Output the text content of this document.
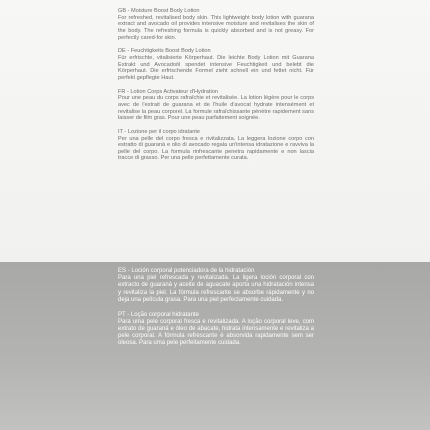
GB - Moisture Boost Body Lotion

For refreshed, revitalised body skin. This lightweight body lotion with guarana extract and avocado oil provides intensive moisture and revitalises the skin of the body. The refreshing formula is quickly absorbed and is not greasy. For perfectly cared-for skin.

DE - Feuchtigkeits Boost Body Lotion

Für erfrischte, vitalisierte Körperhaut. Die leichte Body Lotion mit Guarana Extrakt und Avocadoöl spendet intensive Feuchtigkeit und belebt die Körperhaut. Die erfrischende Formel zieht schnell ein und fettet nicht. Für perfekt gepflegte Haut.

FR - Lotion Corps Activateur d'Hydration

Pour une peau du corps rafraîchie et revitalisée. La lotion légère pour le corps avec de l'extrait de guarana et de l'huile d'avocat hydrate intensément et revitalise la peau corporel. La formule rafraîchissante pénètre rapidement sans laisser de film gras. Pour une peau parfaitement soignée.

IT - Lozione per il corpo idratante

Per una pelle del corpo fresca e rivitalizzata. La leggera lozione corpo con estratto di guaranà e olio di avocado regala un'intensa idratazione e ravviva la pelle del corpo. La formula rinfrescante penetra rapidamente e non lascia tracce di grasso. Per una pelle perfettamente curata.

ES - Loción corporal potenciadora de la hidratación

Para una piel refrescada y revitalizada. La ligera loción corporal con extracto de guaraná y aceite de aguacate aporta una hidratación intensa y revitaliza la piel. La fórmula refrescante se absorbe rápidamente y no deja una película grasa. Para una piel perfectamente cuidada.

PT - Loção corporal hidratante

Para uma pele corporal fresca e revitalizada. A loção corporal leve, com extrato de guaraná e óleo de abacate, hidrata intensamente e revitaliza a pele corporal. A fórmula refrescante é absorvida rapidamente sem ser oleosa. Para uma pele perfeitamente cuidada.
